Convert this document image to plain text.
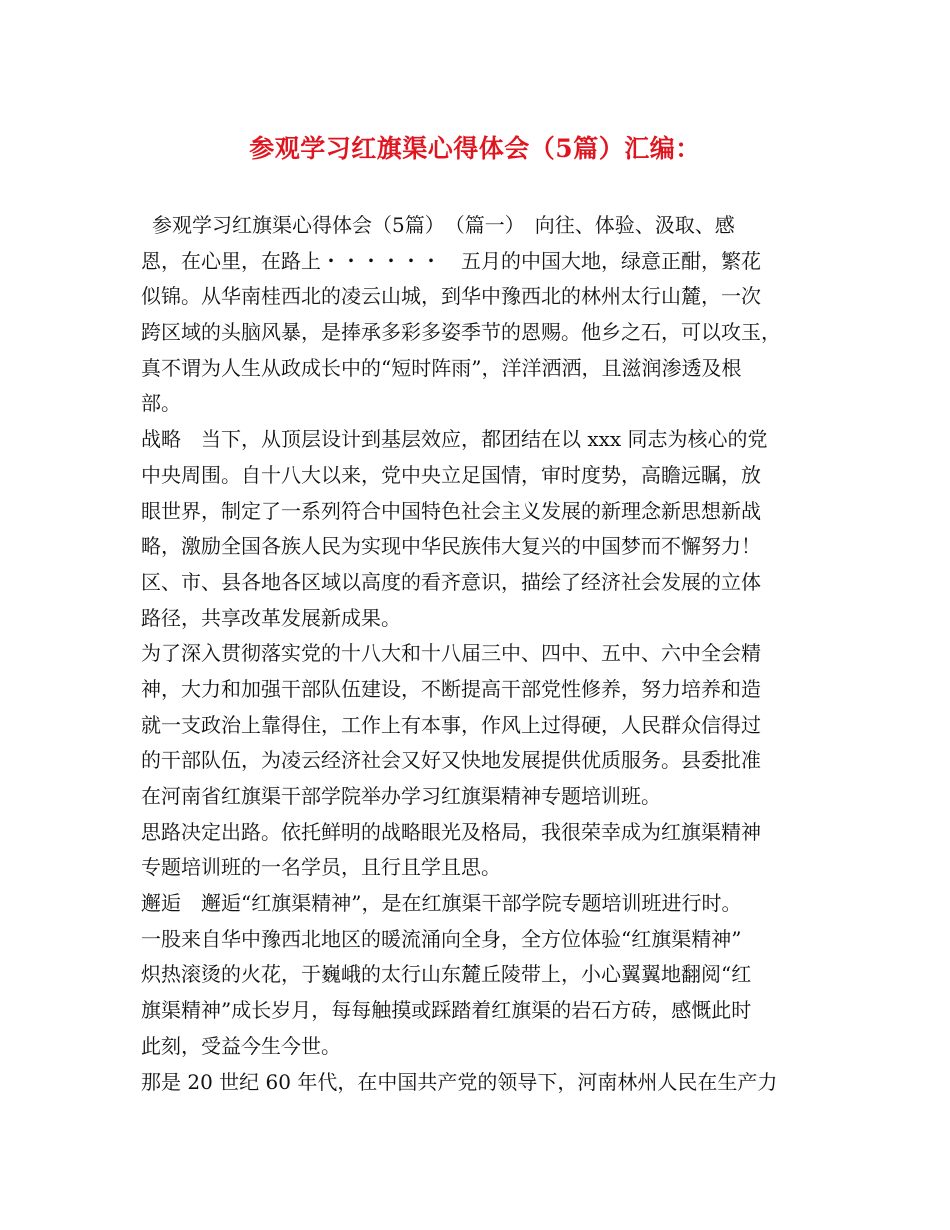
参观学习红旗渠心得体会（5篇）汇编：
参观学习红旗渠心得体会（5篇）　（篇一）　向往、体验、汲取、感
恩，在心里，在路上・・・・・・　五月的中国大地，绿意正酣，繁花
似锦。从华南桂西北的凌云山城，到华中豫西北的林州太行山麓，一次
跨区域的头脑风暴，是捧承多彩多姿季节的恩赐。他乡之石，可以攻玉，
真不谓为人生从政成长中的“短时阵雨”，洋洋洒洒，且滋润渗透及根
部。
战略　当下，从顶层设计到基层效应，都团结在以 xxx 同志为核心的党
中央周围。自十八大以来，党中央立足国情，审时度势，高瞻远瞩，放
眼世界，制定了一系列符合中国特色社会主义发展的新理念新思想新战
略，激励全国各族人民为实现中华民族伟大复兴的中国梦而不懈努力！
区、市、县各地各区域以高度的看齐意识，描绘了经济社会发展的立体
路径，共享改革发展新成果。
为了深入贯彻落实党的十八大和十八届三中、四中、五中、六中全会精
神，大力和加强干部队伍建设，不断提高干部党性修养，努力培养和造
就一支政治上靠得住，工作上有本事，作风上过得硬，人民群众信得过
的干部队伍，为凌云经济社会又好又快地发展提供优质服务。县委批准
在河南省红旗渠干部学院举办学习红旗渠精神专题培训班。
思路决定出路。依托鲜明的战略眼光及格局，我很荣幸成为红旗渠精神
专题培训班的一名学员，且行且学且思。
邂逅　邂逅“红旗渠精神”，是在红旗渠干部学院专题培训班进行时。
一股来自华中豫西北地区的暖流涌向全身，全方位体验“红旗渠精神”
炽热滚烫的火花，于巍峨的太行山东麓丘陵带上，小心翼翼地翻阅“红
旗渠精神”成长岁月，每每触摸或踩踏着红旗渠的岩石方砖，感慨此时
此刻，受益今生今世。
那是 20 世纪 60 年代，在中国共产党的领导下，河南林州人民在生产力
